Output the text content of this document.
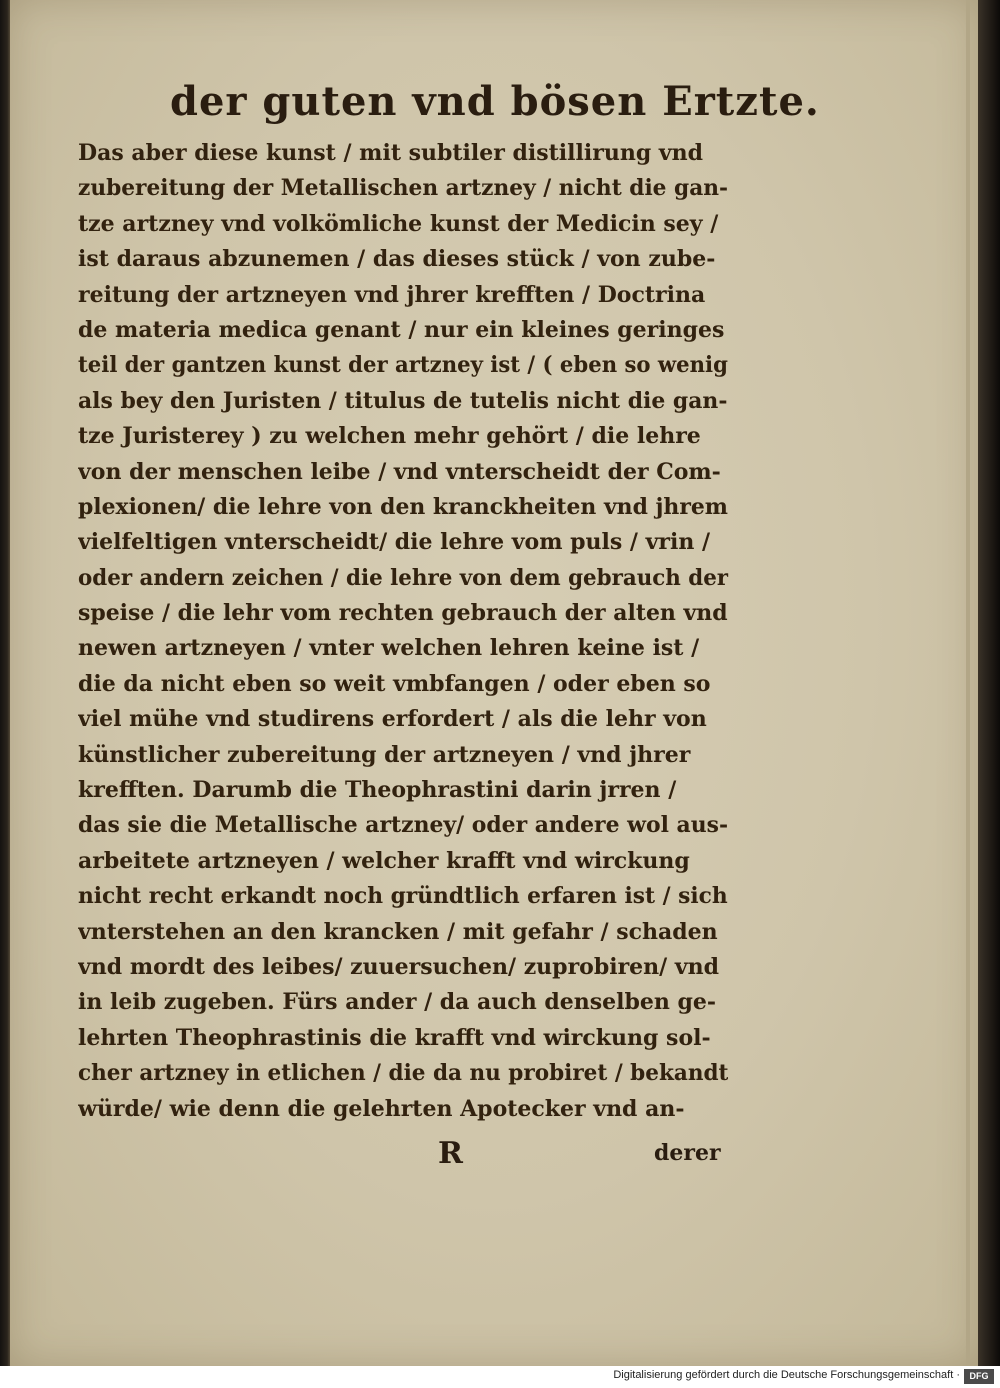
der guten vnd bösen Ertzte.
Das aber diese kunst / mit subtiler distillirung vnd
zubereitung der Metallischen artzney / nicht die gan-
tze artzney vnd volkömliche kunst der Medicin sey /
ist daraus abzunemen / das dieses stück / von zube-
reitung der artzneyen vnd jhrer krefften / Doctrina
de materia medica genant / nur ein kleines geringes
teil der gantzen kunst der artzney ist / ( eben so wenig
als bey den Juristen / titulus de tutelis nicht die gan-
tze Juristerey ) zu welchen mehr gehört / die lehre
von der menschen leibe / vnd vnterscheidt der Com-
plexionen/ die lehre von den kranckheiten vnd jhrem
vielfeltigen vnterscheidt/ die lehre vom puls / vrin /
oder andern zeichen / die lehre von dem gebrauch der
speise / die lehr vom rechten gebrauch der alten vnd
newen artzneyen / vnter welchen lehren keine ist /
die da nicht eben so weit vmbfangen / oder eben so
viel mühe vnd studirens erfordert / als die lehr von
künstlicher zubereitung der artzneyen / vnd jhrer
krefften. Darumb die Theophrastini darin jrren /
das sie die Metallische artzney/ oder andere wol aus-
arbeitete artzneyen / welcher krafft vnd wirckung
nicht recht erkandt noch gründtlich erfaren ist / sich
vnterstehen an den krancken / mit gefahr / schaden
vnd mordt des leibes/ zuuersuchen/ zuprobiren/ vnd
in leib zugeben. Fürs ander / da auch denselben ge-
lehrten Theophrastinis die krafft vnd wirckung sol-
cher artzney in etlichen / die da nu probiret / bekandt
würde/ wie denn die gelehrten Apotecker vnd an-
R	derer
Digitalisierung gefördert durch die Deutsche Forschungsgemeinschaft ·	DFG
